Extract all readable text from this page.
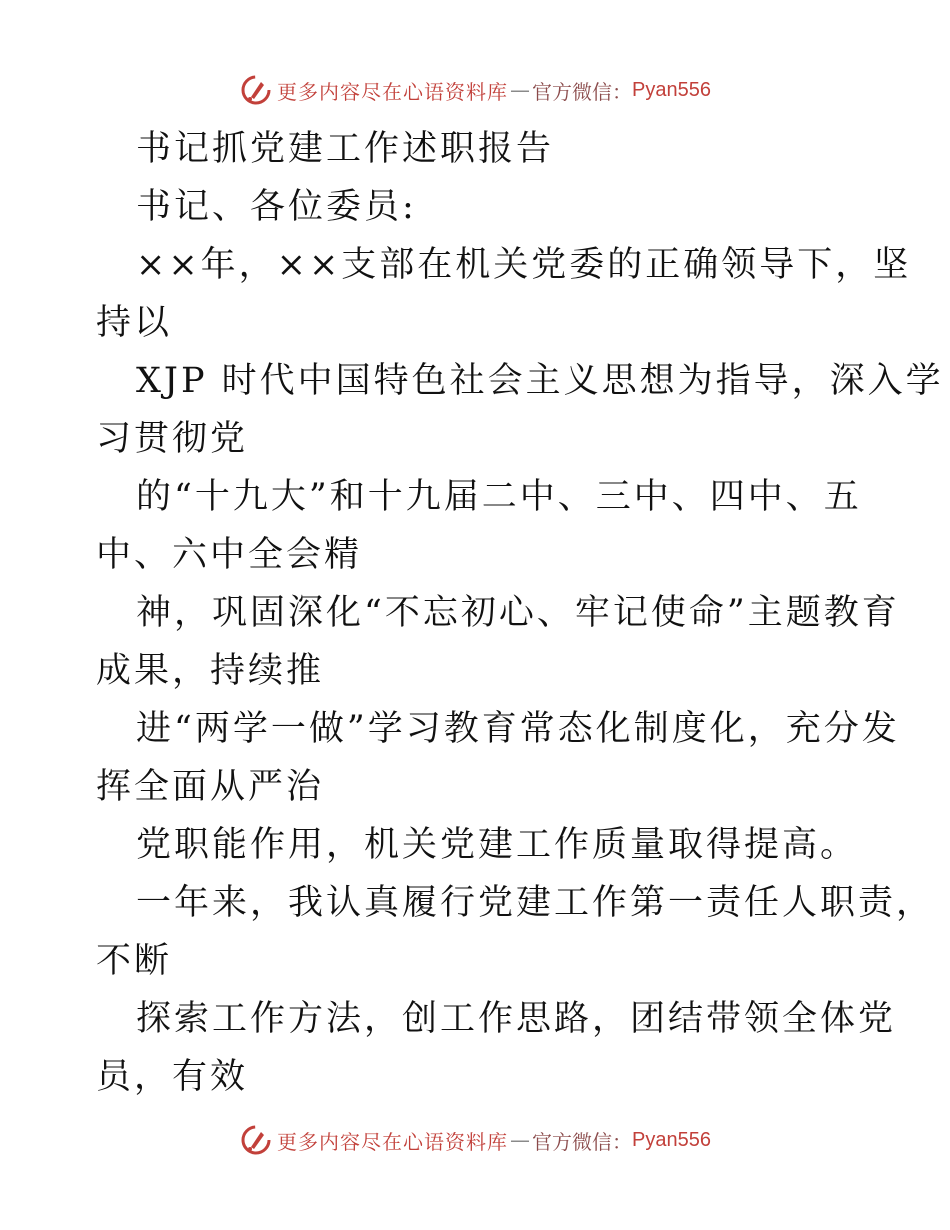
更多内容尽在心语资料库 — 官方微信： Pyan556
书记抓党建工作述职报告
书记、各位委员:
××年，××支部在机关党委的正确领导下，坚
持以
XJP 时代中国特色社会主义思想为指导，深入学
习贯彻党
的“十九大”和十九届二中、三中、四中、五
中、六中全会精
神，巩固深化“不忘初心、牢记使命”主题教育
成果，持续推
进“两学一做”学习教育常态化制度化，充分发
挥全面从严治
党职能作用，机关党建工作质量取得提高。
一年来，我认真履行党建工作第一责任人职责，
不断
探索工作方法，创工作思路，团结带领全体党
员，有效
更多内容尽在心语资料库 — 官方微信： Pyan556
